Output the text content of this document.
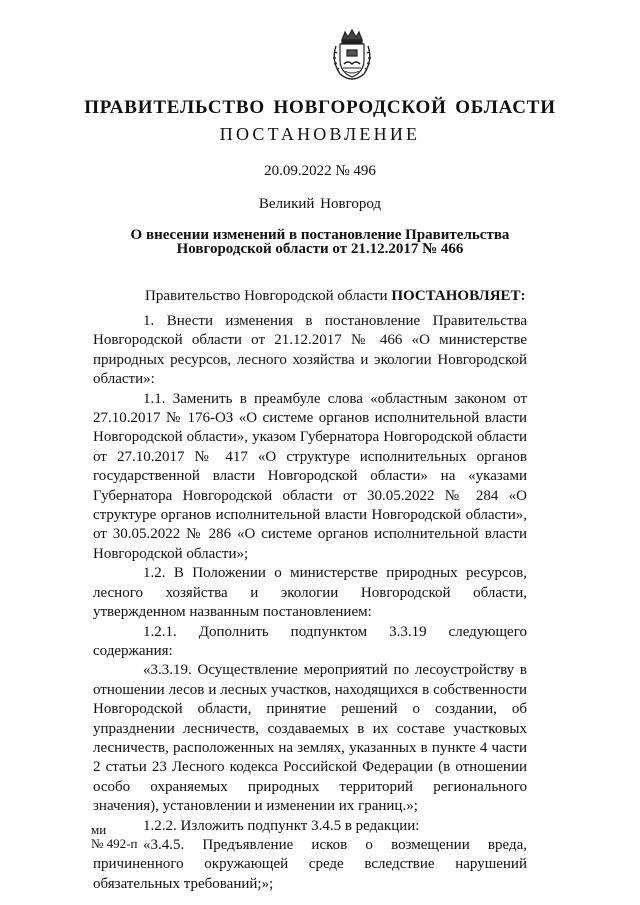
ПРАВИТЕЛЬСТВО НОВГОРОДСКОЙ ОБЛАСТИ
ПОСТАНОВЛЕНИЕ
20.09.2022 № 496
Великий Новгород
О внесении изменений в постановление Правительства
Новгородской области от 21.12.2017 № 466
Правительство Новгородской области ПОСТАНОВЛЯЕТ:

1. Внести изменения в постановление Правительства Новгородской области от 21.12.2017 № 466 «О министерстве природных ресурсов, лесного хозяйства и экологии Новгородской области»:

1.1. Заменить в преамбуле слова «областным законом от 27.10.2017 № 176-ОЗ «О системе органов исполнительной власти Новгородской области», указом Губернатора Новгородской области от 27.10.2017 № 417 «О структуре исполнительных органов государственной власти Новгородской области» на «указами Губернатора Новгородской области от 30.05.2022 № 284 «О структуре органов исполнительной власти Новгородской области», от 30.05.2022 № 286 «О системе органов исполнительной власти Новгородской области»;

1.2. В Положении о министерстве природных ресурсов, лесного хозяйства и экологии Новгородской области, утвержденном названным постановлением:

1.2.1. Дополнить подпунктом 3.3.19 следующего содержания:

«3.3.19. Осуществление мероприятий по лесоустройству в отношении лесов и лесных участков, находящихся в собственности Новгородской области, принятие решений о создании, об упразднении лесничеств, создаваемых в их составе участковых лесничеств, расположенных на землях, указанных в пункте 4 части 2 статьи 23 Лесного кодекса Российской Федерации (в отношении особо охраняемых природных территорий регионального значения), установлении и изменении их границ.»;

1.2.2. Изложить подпункт 3.4.5 в редакции:

«3.4.5. Предъявление исков о возмещении вреда, причиненного окружающей среде вследствие нарушений обязательных требований;»;

ми
№ 492-п
